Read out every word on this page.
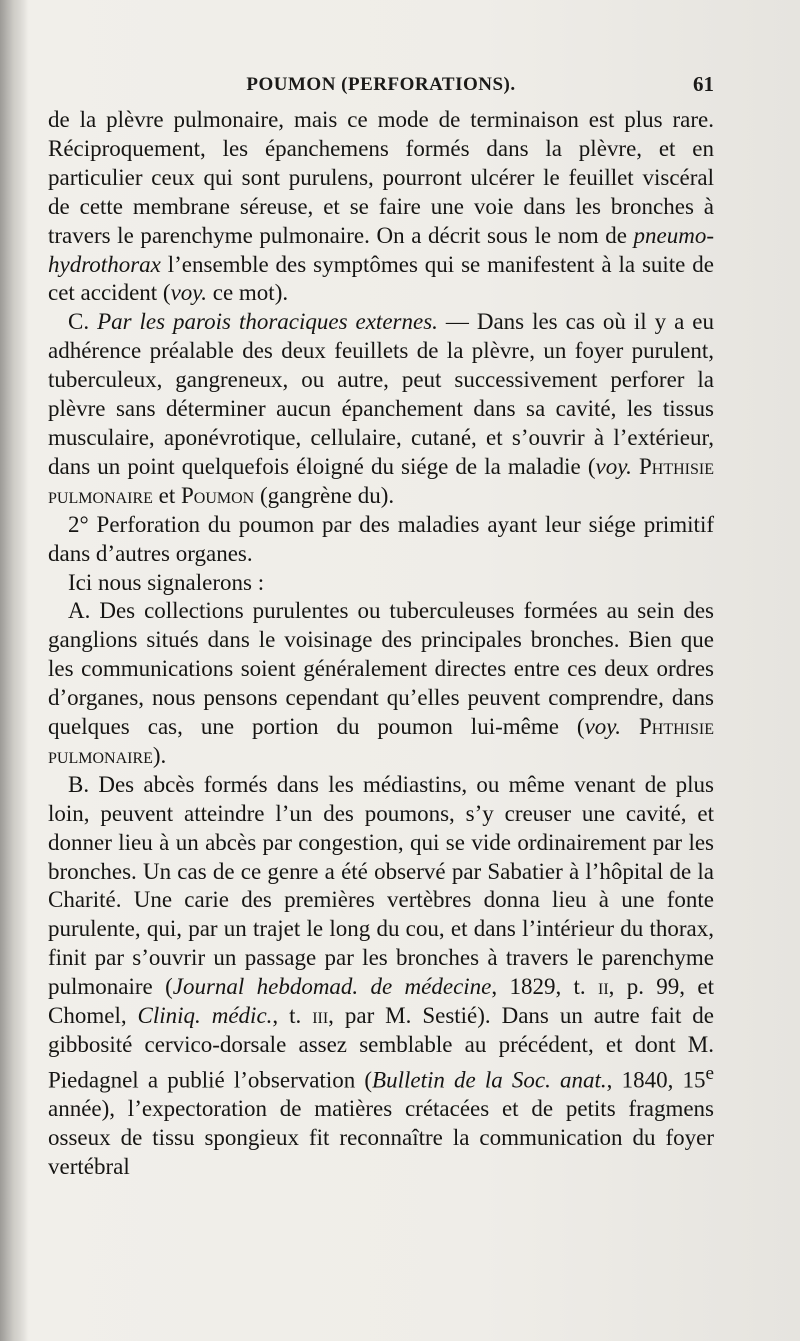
POUMON (PERFORATIONS).	61

de la plèvre pulmonaire, mais ce mode de terminaison est plus rare. Réciproquement, les épanchemens formés dans la plèvre, et en particulier ceux qui sont purulens, pourront ulcérer le feuillet viscéral de cette membrane séreuse, et se faire une voie dans les bronches à travers le parenchyme pulmonaire. On a décrit sous le nom de pneumo-hydrothorax l’ensemble des symptômes qui se manifestent à la suite de cet accident (voy. ce mot).

C. Par les parois thoraciques externes. — Dans les cas où il y a eu adhérence préalable des deux feuillets de la plèvre, un foyer purulent, tuberculeux, gangreneux, ou autre, peut successivement perforer la plèvre sans déterminer aucun épanchement dans sa cavité, les tissus musculaire, aponévrotique, cellulaire, cutané, et s’ouvrir à l’extérieur, dans un point quelquefois éloigné du siége de la maladie (voy. Phthisie pulmonaire et Poumon (gangrène du).

2° Perforation du poumon par des maladies ayant leur siége primitif dans d’autres organes.

Ici nous signalerons :

A. Des collections purulentes ou tuberculeuses formées au sein des ganglions situés dans le voisinage des principales bronches. Bien que les communications soient généralement directes entre ces deux ordres d’organes, nous pensons cependant qu’elles peuvent comprendre, dans quelques cas, une portion du poumon lui-même (voy. Phthisie pulmonaire).

B. Des abcès formés dans les médiastins, ou même venant de plus loin, peuvent atteindre l’un des poumons, s’y creuser une cavité, et donner lieu à un abcès par congestion, qui se vide ordinairement par les bronches. Un cas de ce genre a été observé par Sabatier à l’hôpital de la Charité. Une carie des premières vertèbres donna lieu à une fonte purulente, qui, par un trajet le long du cou, et dans l’intérieur du thorax, finit par s’ouvrir un passage par les bronches à travers le parenchyme pulmonaire (Journal hebdomad. de médecine, 1829, t. ii, p. 99, et Chomel, Cliniq. médic., t. iii, par M. Sestié). Dans un autre fait de gibbosité cervico-dorsale assez semblable au précédent, et dont M. Piedagnel a publié l’observation (Bulletin de la Soc. anat., 1840, 15e année), l’expectoration de matières crétacées et de petits fragmens osseux de tissu spongieux fit reconnaître la communication du foyer vertébral
